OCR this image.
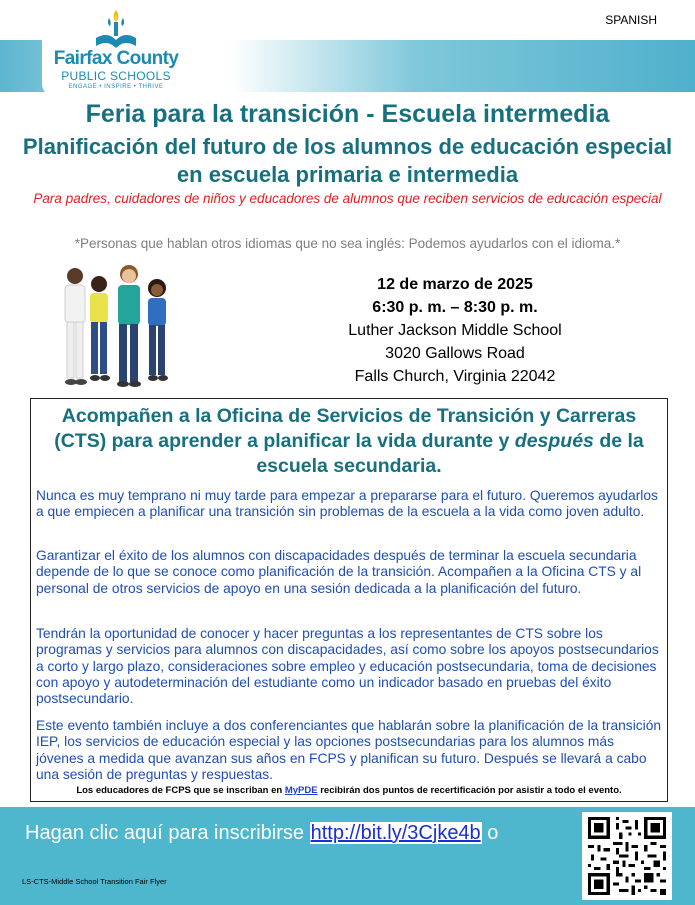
Fairfax County
PUBLIC SCHOOLS
ENGAGE • INSPIRE • THRIVE
SPANISH
Feria para la transición - Escuela intermedia
Planificación del futuro de los alumnos de educación especial en escuela primaria e intermedia
Para padres, cuidadores de niños y educadores de alumnos que reciben servicios de educación especial
*Personas que hablan otros idiomas que no sea inglés: Podemos ayudarlos con el idioma.*
12 de marzo de 2025
6:30 p. m. – 8:30 p. m.
Luther Jackson Middle School
3020 Gallows Road
Falls Church, Virginia 22042
Acompañen a la Oficina de Servicios de Transición y Carreras (CTS) para aprender a planificar la vida durante y después de la escuela secundaria.
Nunca es muy temprano ni muy tarde para empezar a prepararse para el futuro. Queremos ayudarlos a que empiecen a planificar una transición sin problemas de la escuela a la vida como joven adulto.
Garantizar el éxito de los alumnos con discapacidades después de terminar la escuela secundaria depende de lo que se conoce como planificación de la transición. Acompañen a la Oficina CTS y al personal de otros servicios de apoyo en una sesión dedicada a la planificación del futuro.
Tendrán la oportunidad de conocer y hacer preguntas a los representantes de CTS sobre los programas y servicios para alumnos con discapacidades, así como sobre los apoyos postsecundarios a corto y largo plazo, consideraciones sobre empleo y educación postsecundaria, toma de decisiones con apoyo y autodeterminación del estudiante como un indicador basado en pruebas del éxito postsecundario.
Este evento también incluye a dos conferenciantes que hablarán sobre la planificación de la transición IEP, los servicios de educación especial y las opciones postsecundarias para los alumnos más jóvenes a medida que avanzan sus años en FCPS y planifican su futuro. Después se llevará a cabo una sesión de preguntas y respuestas.
Los educadores de FCPS que se inscriban en MyPDE recibirán dos puntos de recertificación por asistir a todo el evento.
Hagan clic aquí para inscribirse http://bit.ly/3Cjke4b o
LS-CTS-Middle School Transition Fair Flyer
